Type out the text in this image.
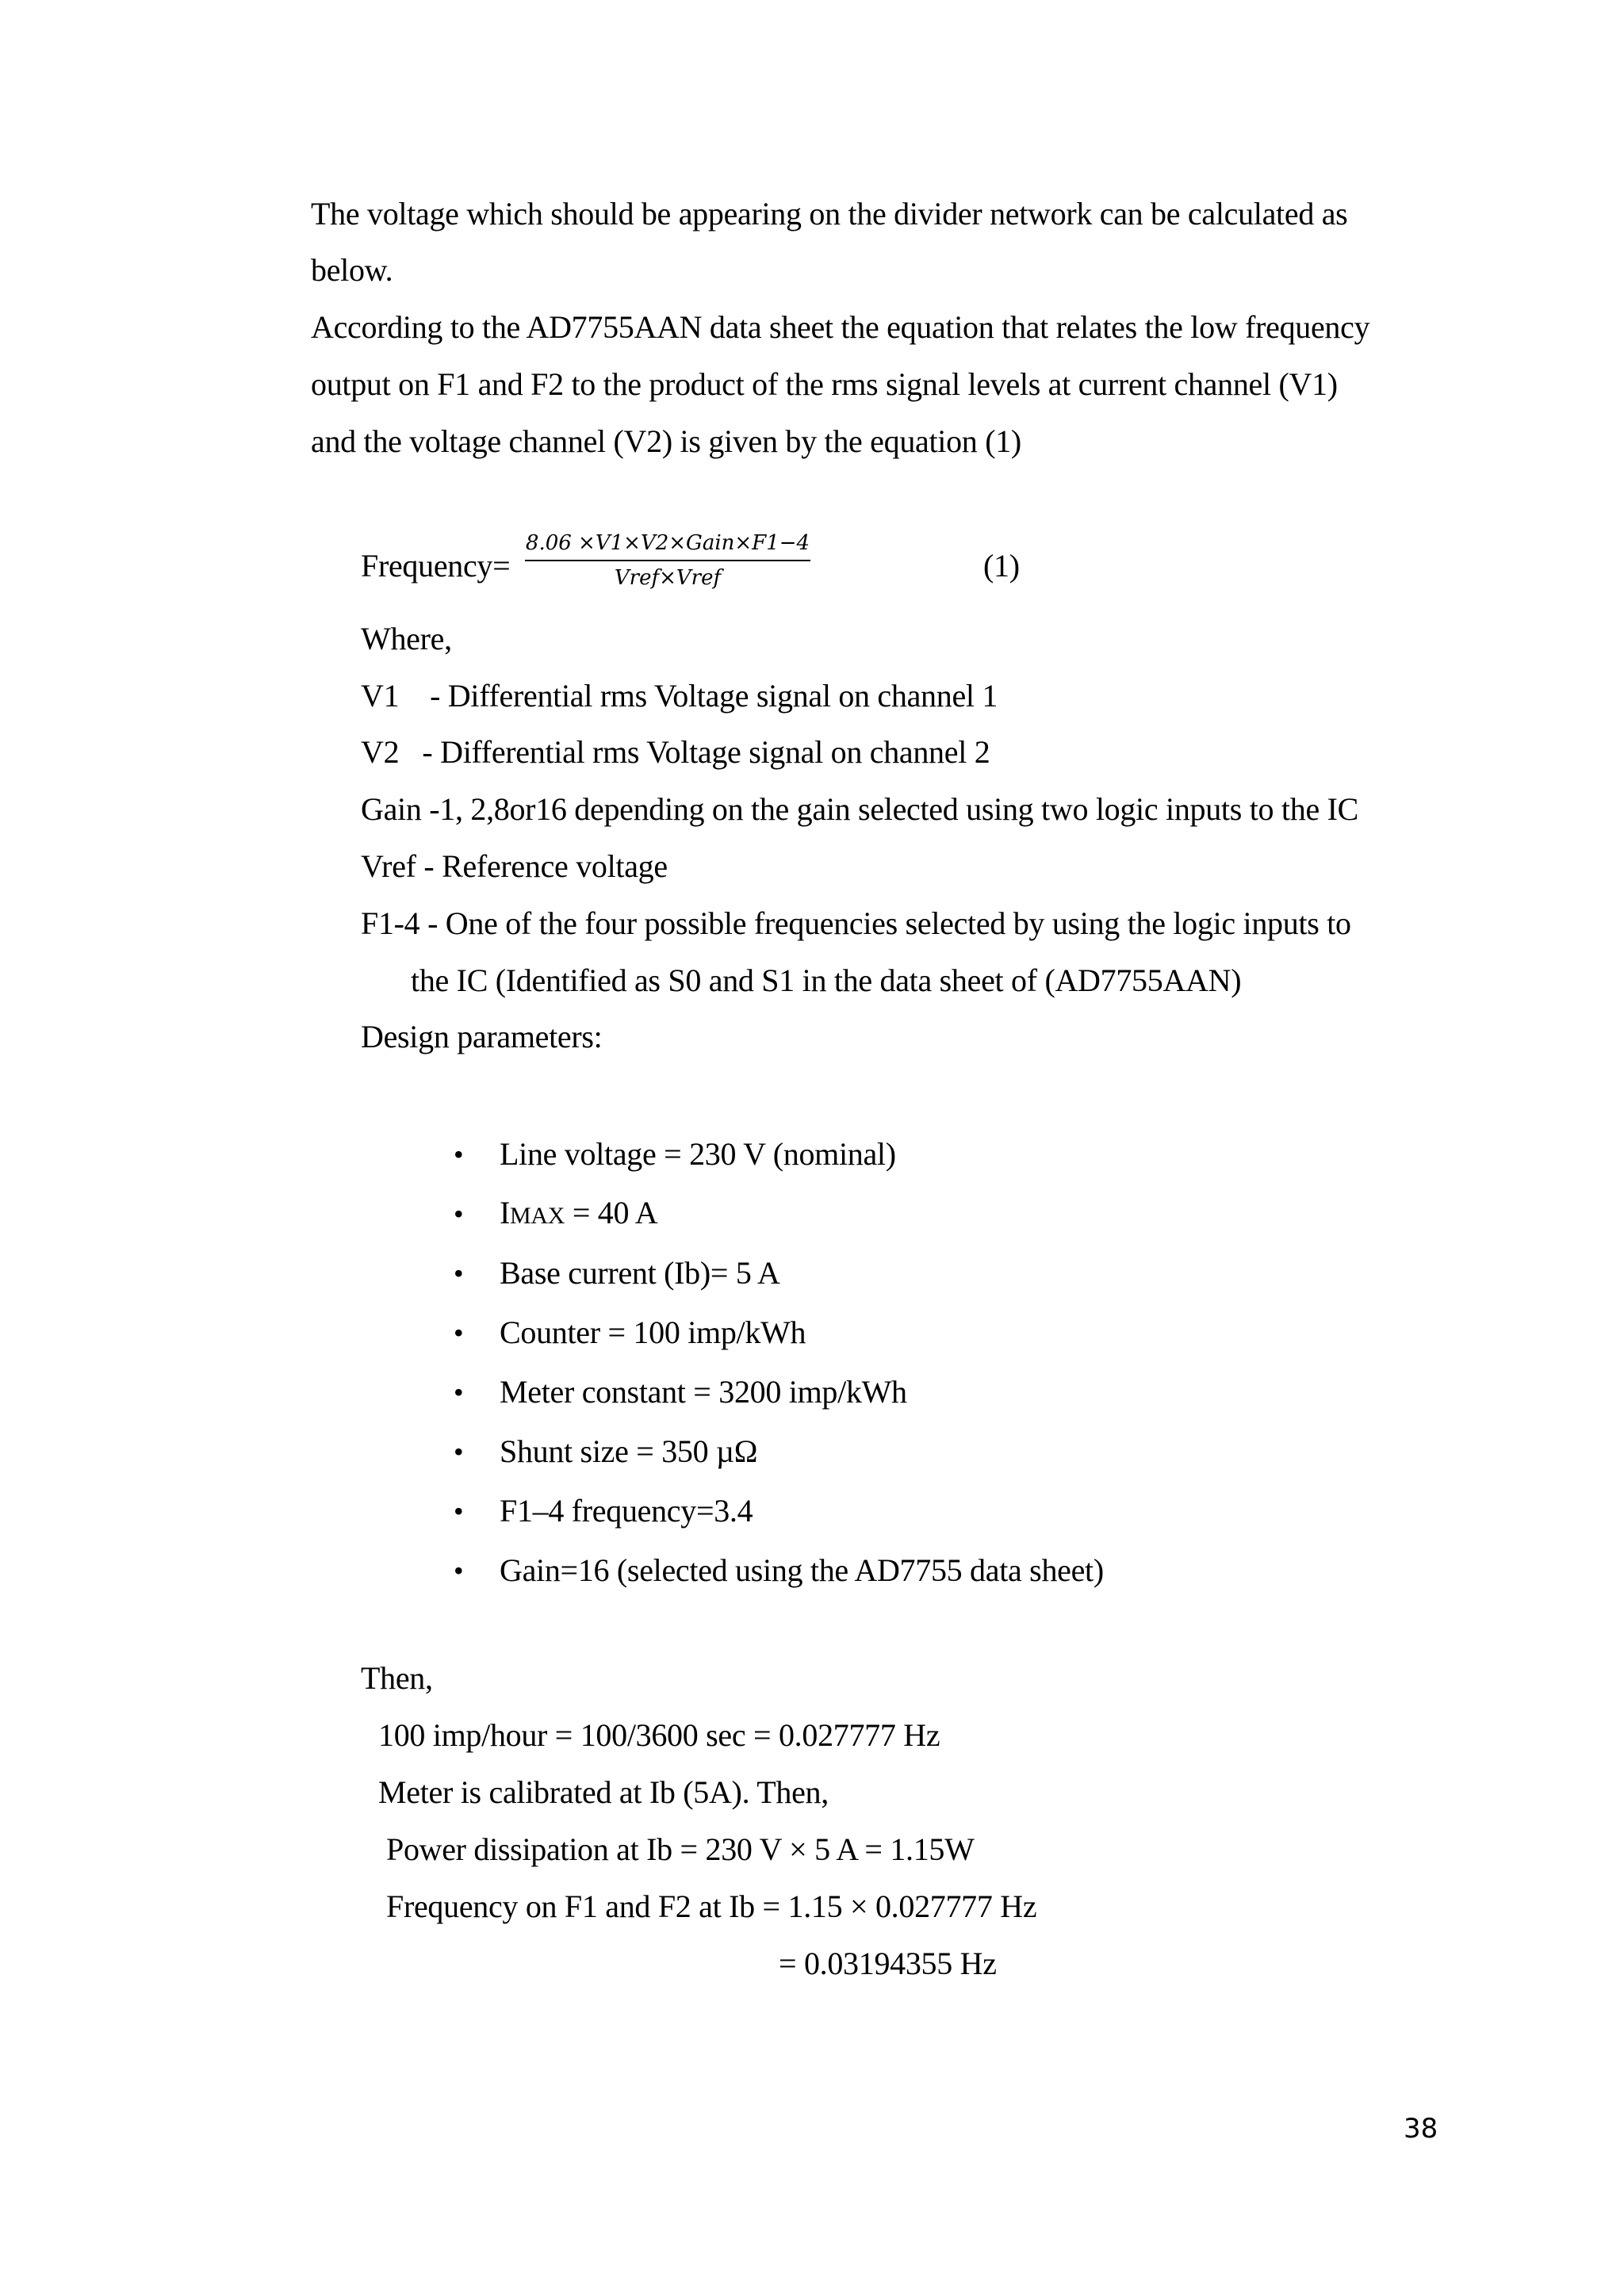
The voltage which should be appearing on the divider network can be calculated as
below.
According to the AD7755AAN data sheet the equation that relates the low frequency
output on F1 and F2 to the product of the rms signal levels at current channel (V1)
and the voltage channel (V2) is given by the equation (1)
Frequency=
8.06 ×V1×V2×Gain×F1−4
Vref×Vref	(1)
Where,
V1    - Differential rms Voltage signal on channel 1
V2   - Differential rms Voltage signal on channel 2
Gain -1, 2,8or16 depending on the gain selected using two logic inputs to the IC
Vref - Reference voltage
F1-4 - One of the four possible frequencies selected by using the logic inputs to
the IC (Identified as S0 and S1 in the data sheet of (AD7755AAN)
Design parameters:
• Line voltage = 230 V (nominal)
• IMAX = 40 A
• Base current (Ib)= 5 A
• Counter = 100 imp/kWh
• Meter constant = 3200 imp/kWh
• Shunt size = 350 µΩ
• F1–4 frequency=3.4
• Gain=16 (selected using the AD7755 data sheet)
Then,
100 imp/hour = 100/3600 sec = 0.027777 Hz
Meter is calibrated at Ib (5A). Then,
Power dissipation at Ib = 230 V × 5 A = 1.15W
Frequency on F1 and F2 at Ib = 1.15 × 0.027777 Hz
= 0.03194355 Hz
38
